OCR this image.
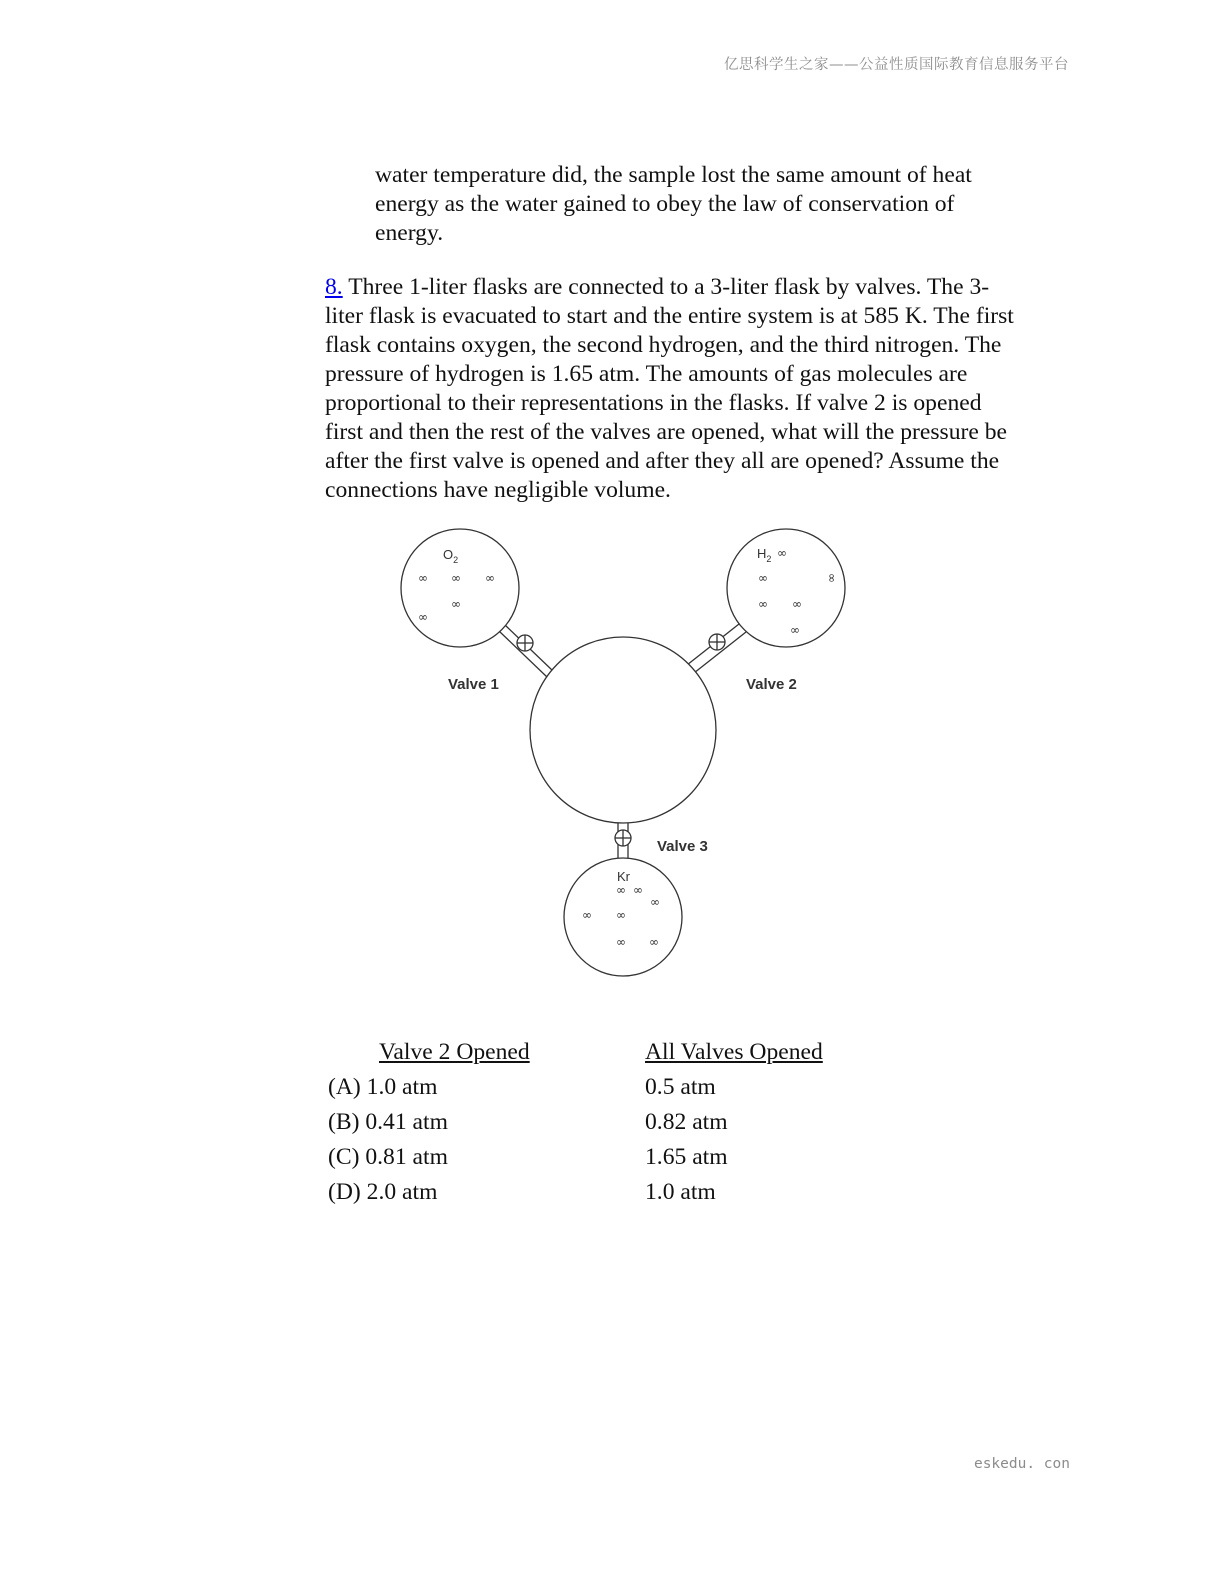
亿思科学生之家——公益性质国际教育信息服务平台

water temperature did, the sample lost the same amount of heat energy as the water gained to obey the law of conservation of energy.

8. Three 1-liter flasks are connected to a 3-liter flask by valves. The 3-liter flask is evacuated to start and the entire system is at 585 K. The first flask contains oxygen, the second hydrogen, and the third nitrogen. The pressure of hydrogen is 1.65 atm. The amounts of gas molecules are proportional to their representations in the flasks. If valve 2 is opened first and then the rest of the valves are opened, what will the pressure be after the first valve is opened and after they all are opened? Assume the connections have negligible volume.

$O_2$	$H_2$
Kr
∞ ∞ ∞
∞
∞
∞
∞	∞
∞ ∞
∞
∞ ∞
∞
∞ ∞
∞ ∞
Valve 1	Valve 2
Valve 3
Valve 2 Opened	All Valves Opened
(A) 1.0 atm	0.5 atm
(B) 0.41 atm	0.82 atm
(C) 0.81 atm	1.65 atm
(D) 2.0 atm	1.0 atm
eskedu. con
